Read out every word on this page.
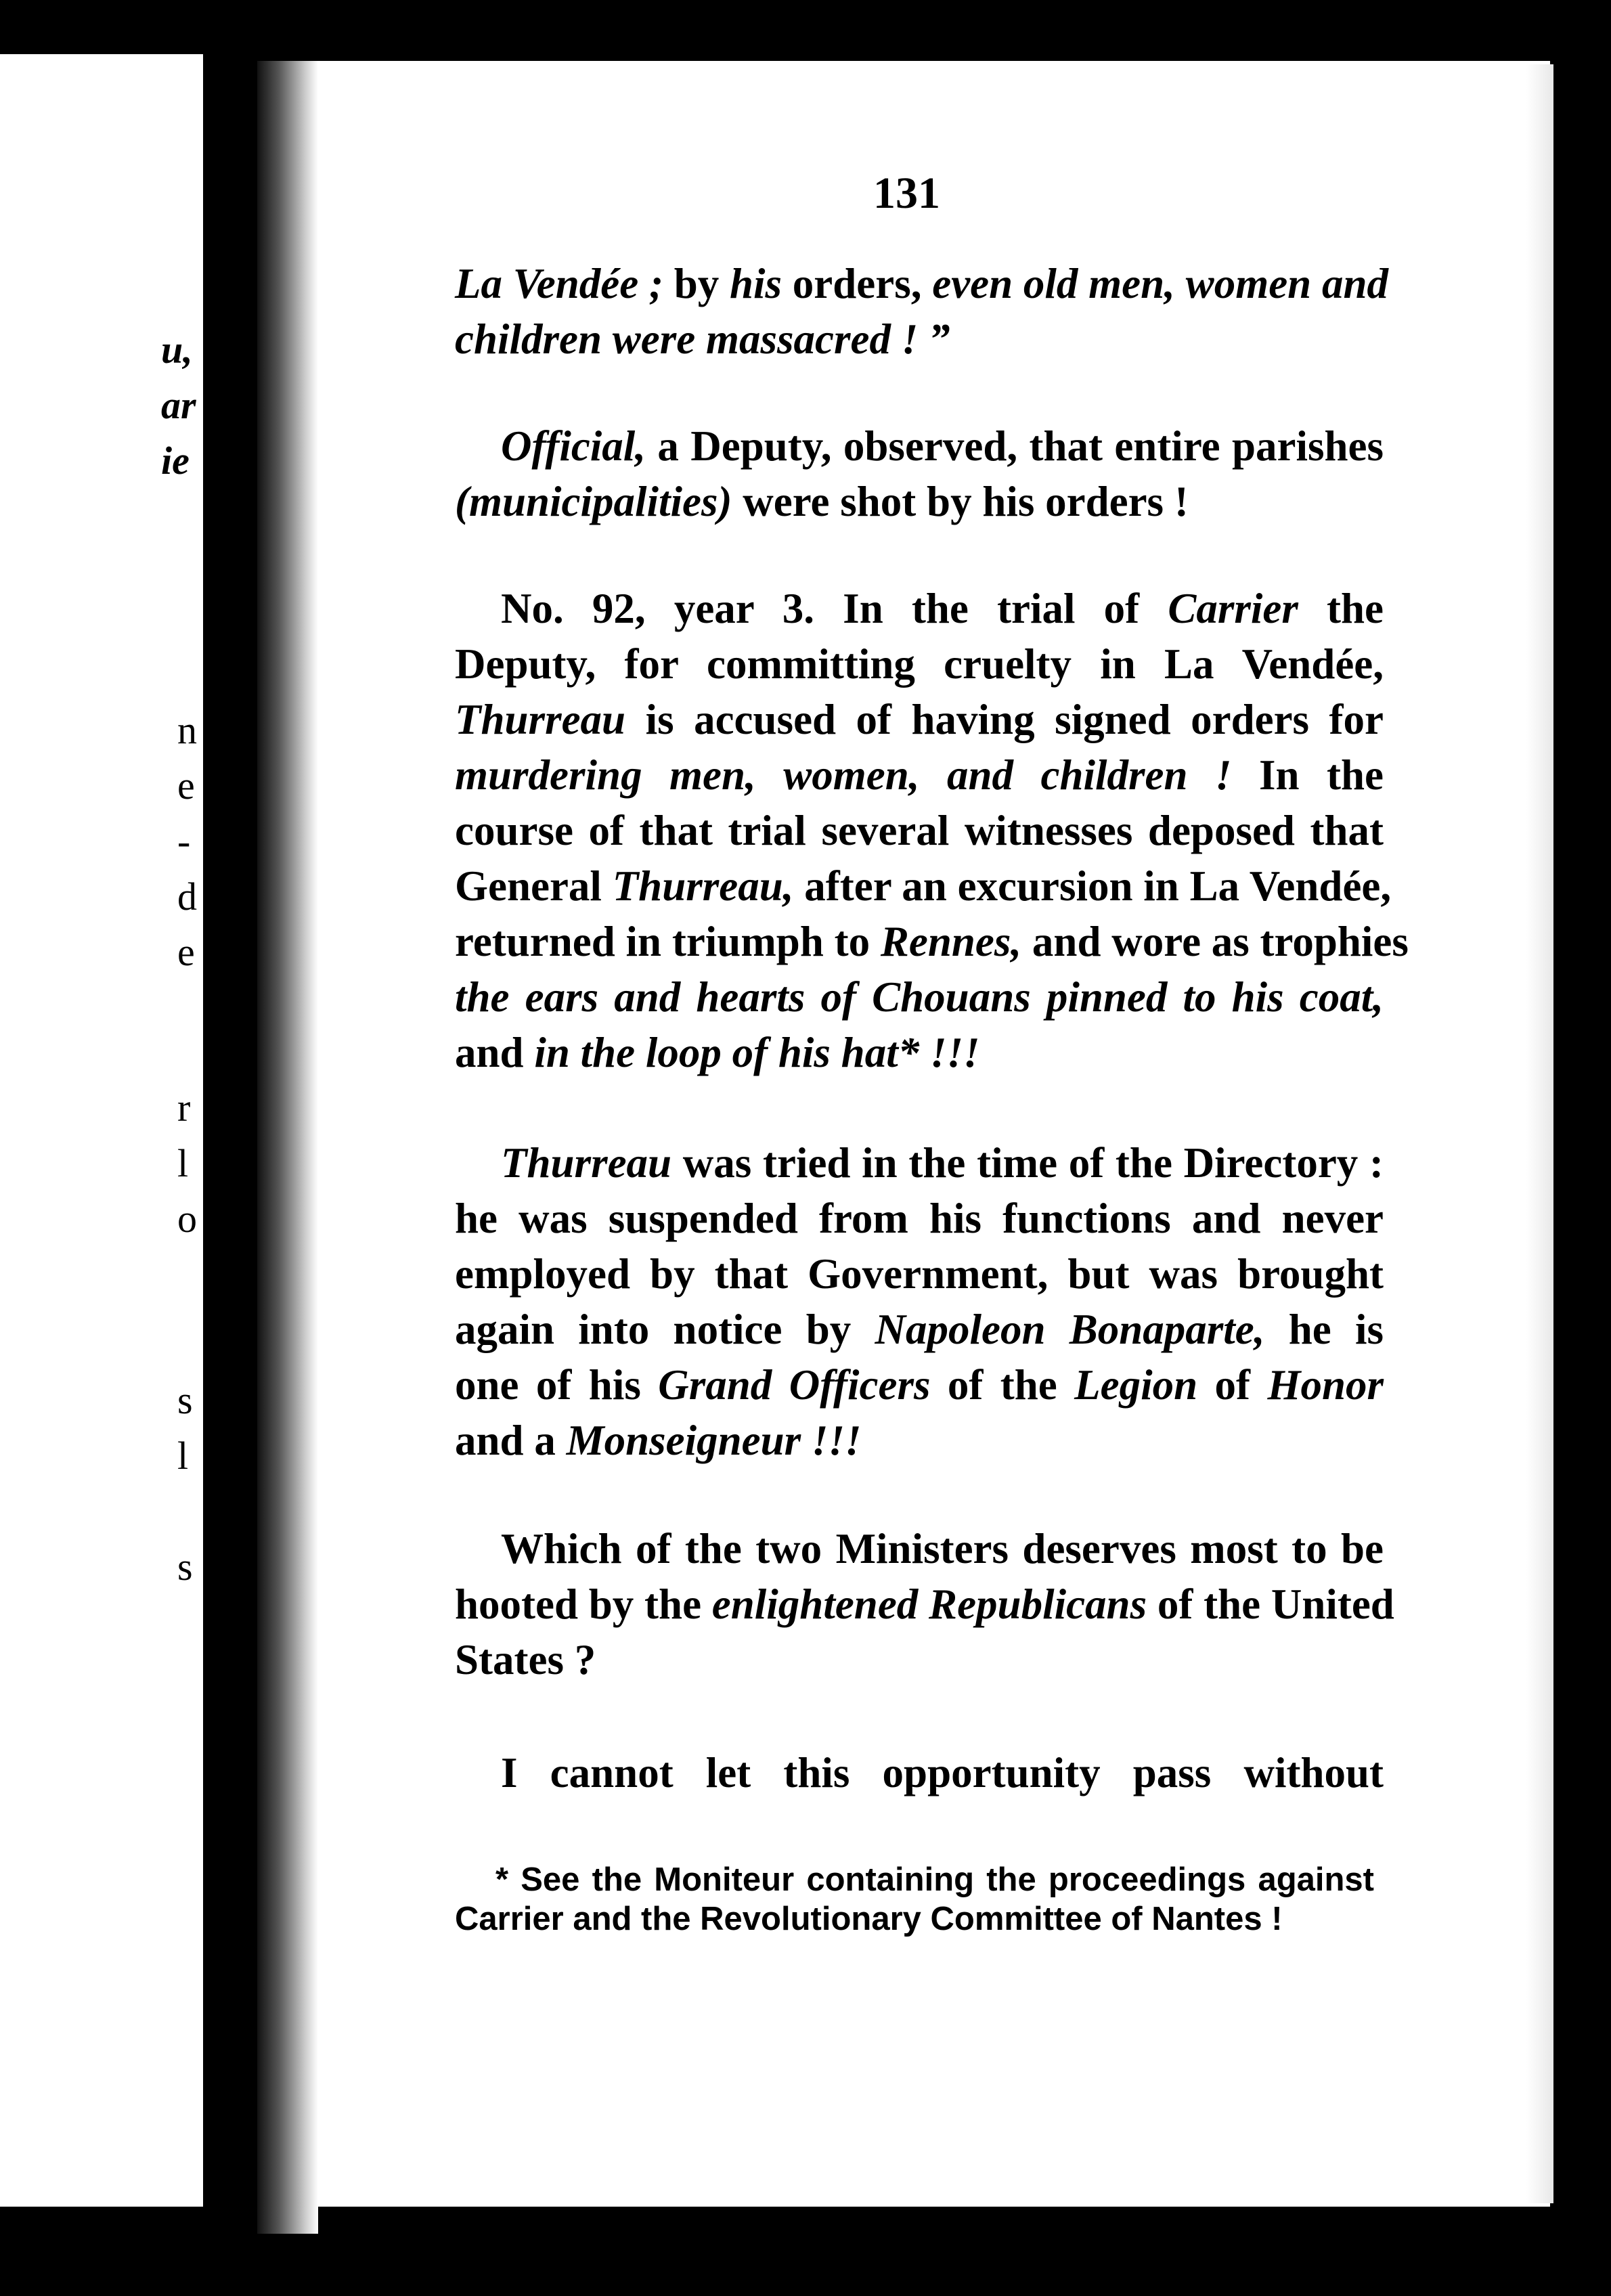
u,
ar
ie
n
e
-
d
e
r
l
o
s
l
s
131
La Vendée ; by his orders, even old men, women and
children were massacred ! ”
Official, a Deputy, observed, that entire parishes
(municipalities) were shot by his orders !
No. 92, year 3. In the trial of Carrier the
Deputy, for committing cruelty in La Vendée,
Thurreau is accused of having signed orders for
murdering men, women, and children ! In the
course of that trial several witnesses deposed that
General Thurreau, after an excursion in La Vendée,
returned in triumph to Rennes, and wore as trophies
the ears and hearts of Chouans pinned to his coat,
and in the loop of his hat* !!!
Thurreau was tried in the time of the Directory :
he was suspended from his functions and never
employed by that Government, but was brought
again into notice by Napoleon Bonaparte, he is
one of his Grand Officers of the Legion of Honor
and a Monseigneur !!!
Which of the two Ministers deserves most to be
hooted by the enlightened Republicans of the United
States ?
I cannot let this opportunity pass without
* See the Moniteur containing the proceedings against
Carrier and the Revolutionary Committee of Nantes !
